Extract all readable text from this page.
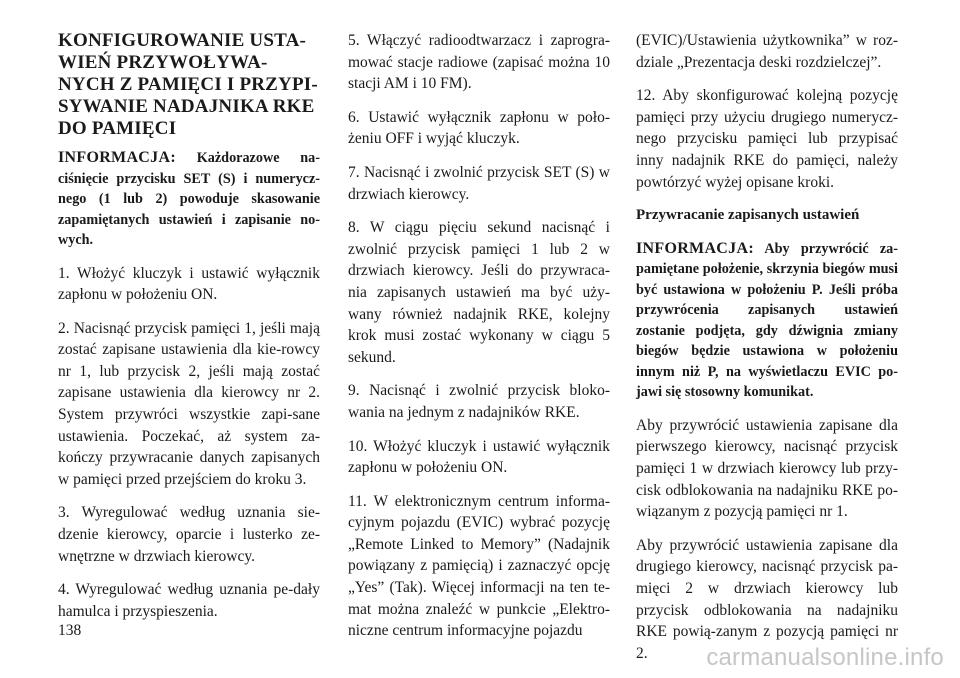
KONFIGUROWANIE USTA-
WIEŃ PRZYWOŁYWA-
NYCH Z PAMIĘCI I PRZYPI-
SYWANIE NADAJNIKA RKE
DO PAMIĘCI

INFORMACJA: Każdorazowe na-ciśnięcie przycisku SET (S) i numerycz-nego (1 lub 2) powoduje skasowanie zapamiętanych ustawień i zapisanie no-wych.

1. Włożyć kluczyk i ustawić wyłącznik zapłonu w położeniu ON.

2. Nacisnąć przycisk pamięci 1, jeśli mają zostać zapisane ustawienia dla kie-rowcy nr 1, lub przycisk 2, jeśli mają zostać zapisane ustawienia dla kierowcy nr 2. System przywróci wszystkie zapi-sane ustawienia. Poczekać, aż system za-kończy przywracanie danych zapisanych w pamięci przed przejściem do kroku 3.

3. Wyregulować według uznania sie-dzenie kierowcy, oparcie i lusterko ze-wnętrzne w drzwiach kierowcy.

4. Wyregulować według uznania pe-dały hamulca i przyspieszenia.

5. Włączyć radioodtwarzacz i zaprogra-mować stacje radiowe (zapisać można 10 stacji AM i 10 FM).

6. Ustawić wyłącznik zapłonu w poło-żeniu OFF i wyjąć kluczyk.

7. Nacisnąć i zwolnić przycisk SET (S) w drzwiach kierowcy.

8. W ciągu pięciu sekund nacisnąć i zwolnić przycisk pamięci 1 lub 2 w drzwiach kierowcy. Jeśli do przywraca-nia zapisanych ustawień ma być uży-wany również nadajnik RKE, kolejny krok musi zostać wykonany w ciągu 5 sekund.

9. Nacisnąć i zwolnić przycisk bloko-wania na jednym z nadajników RKE.

10. Włożyć kluczyk i ustawić wyłącznik zapłonu w położeniu ON.

11. W elektronicznym centrum informa-cyjnym pojazdu (EVIC) wybrać pozycję „Remote Linked to Memory” (Nadajnik powiązany z pamięcią) i zaznaczyć opcję „Yes” (Tak). Więcej informacji na ten te-mat można znaleźć w punkcie „Elektro-niczne centrum informacyjne pojazdu

(EVIC)/Ustawienia użytkownika” w roz-dziale „Prezentacja deski rozdzielczej”.

12. Aby skonfigurować kolejną pozycję pamięci przy użyciu drugiego numerycz-nego przycisku pamięci lub przypisać inny nadajnik RKE do pamięci, należy powtórzyć wyżej opisane kroki.

Przywracanie zapisanych ustawień

INFORMACJA: Aby przywrócić za-pamiętane położenie, skrzynia biegów musi być ustawiona w położeniu P. Jeśli próba przywrócenia zapisanych ustawień zostanie podjęta, gdy dźwignia zmiany biegów będzie ustawiona w położeniu innym niż P, na wyświetlaczu EVIC po-jawi się stosowny komunikat.

Aby przywrócić ustawienia zapisane dla pierwszego kierowcy, nacisnąć przycisk pamięci 1 w drzwiach kierowcy lub przy-cisk odblokowania na nadajniku RKE po-wiązanym z pozycją pamięci nr 1.

Aby przywrócić ustawienia zapisane dla drugiego kierowcy, nacisnąć przycisk pa-mięci 2 w drzwiach kierowcy lub przycisk odblokowania na nadajniku RKE powią-zanym z pozycją pamięci nr 2.

138
carmanualsonline.info
